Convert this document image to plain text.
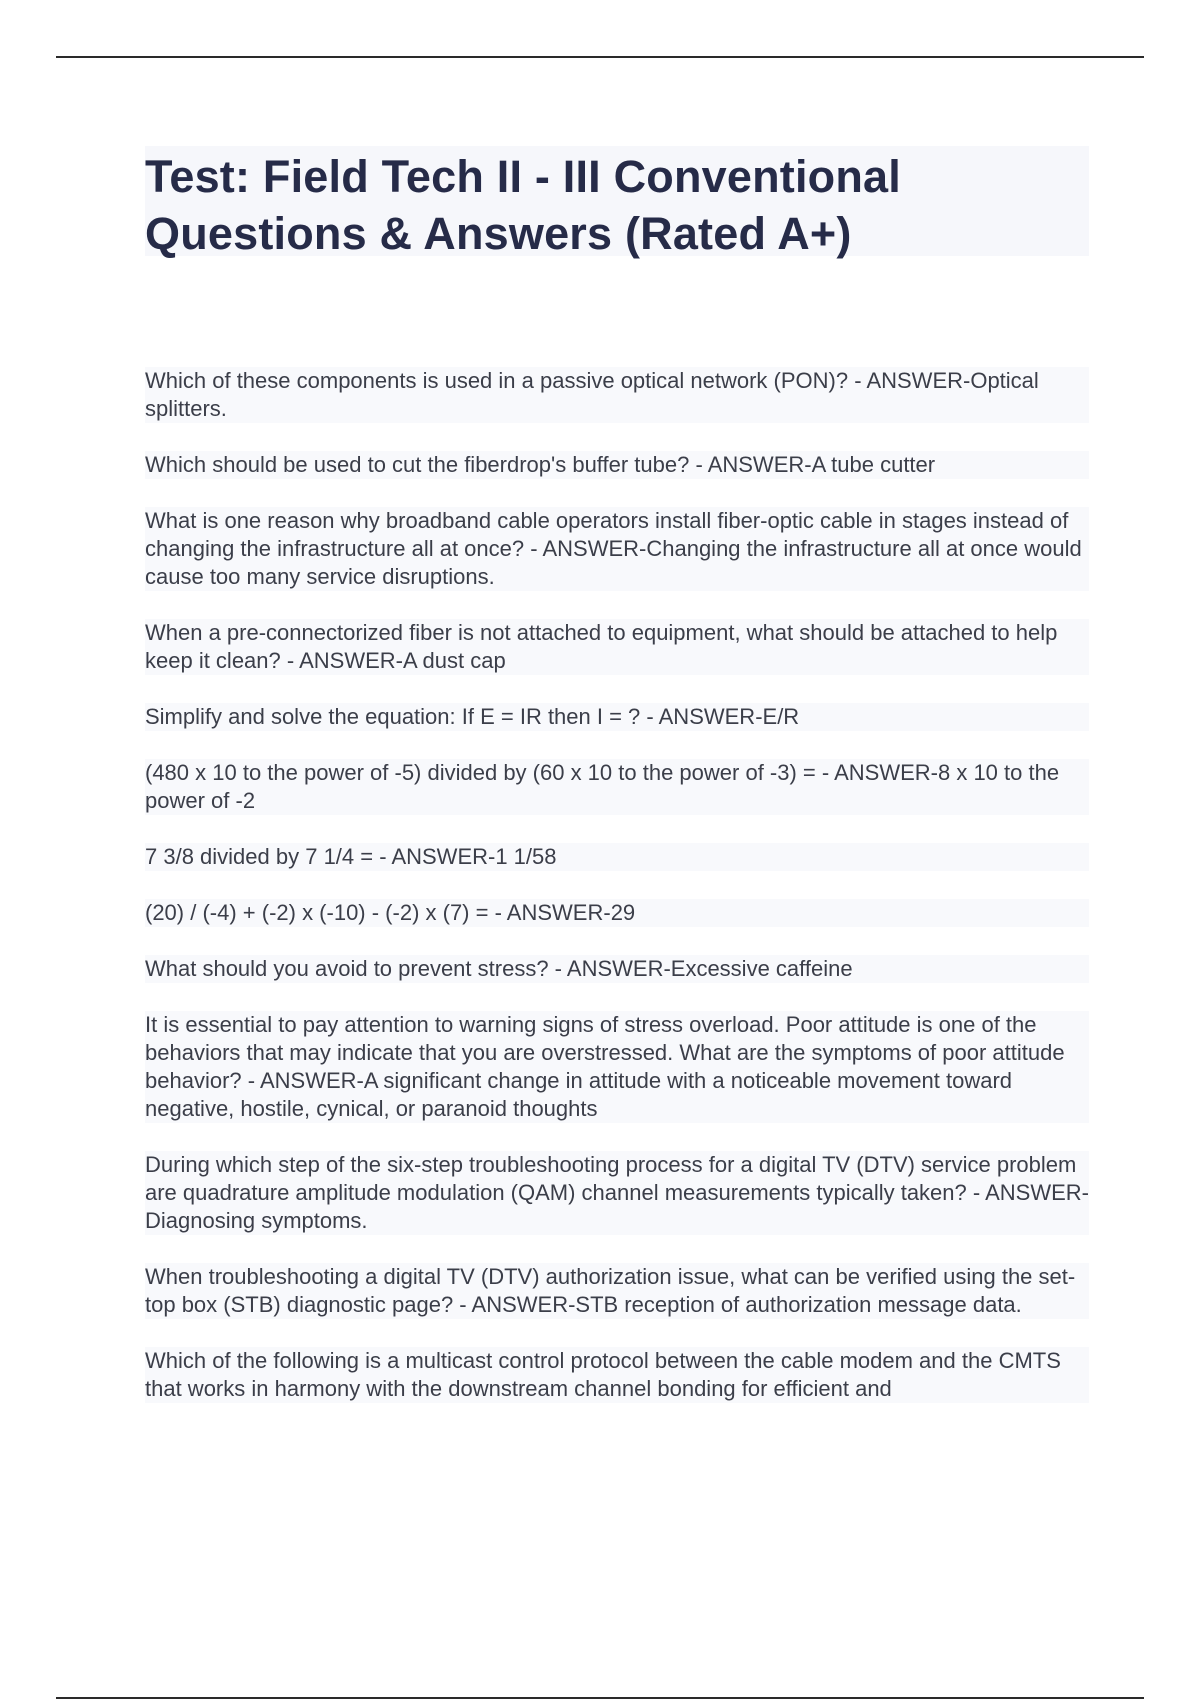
Test: Field Tech II - III Conventional Questions & Answers (Rated A+)

Which of these components is used in a passive optical network (PON)? - ANSWER-Optical splitters.

Which should be used to cut the fiberdrop's buffer tube? - ANSWER-A tube cutter

What is one reason why broadband cable operators install fiber-optic cable in stages instead of changing the infrastructure all at once? - ANSWER-Changing the infrastructure all at once would cause too many service disruptions.

When a pre-connectorized fiber is not attached to equipment, what should be attached to help keep it clean? - ANSWER-A dust cap

Simplify and solve the equation: If E = IR then I = ? - ANSWER-E/R

(480 x 10 to the power of -5) divided by (60 x 10 to the power of -3) = - ANSWER-8 x 10 to the power of -2

7 3/8 divided by 7 1/4 = - ANSWER-1 1/58

(20) / (-4) + (-2) x (-10) - (-2) x (7) = - ANSWER-29

What should you avoid to prevent stress? - ANSWER-Excessive caffeine

It is essential to pay attention to warning signs of stress overload. Poor attitude is one of the behaviors that may indicate that you are overstressed. What are the symptoms of poor attitude behavior? - ANSWER-A significant change in attitude with a noticeable movement toward negative, hostile, cynical, or paranoid thoughts

During which step of the six-step troubleshooting process for a digital TV (DTV) service problem are quadrature amplitude modulation (QAM) channel measurements typically taken? - ANSWER-Diagnosing symptoms.

When troubleshooting a digital TV (DTV) authorization issue, what can be verified using the set-top box (STB) diagnostic page? - ANSWER-STB reception of authorization message data.

Which of the following is a multicast control protocol between the cable modem and the CMTS that works in harmony with the downstream channel bonding for efficient and
